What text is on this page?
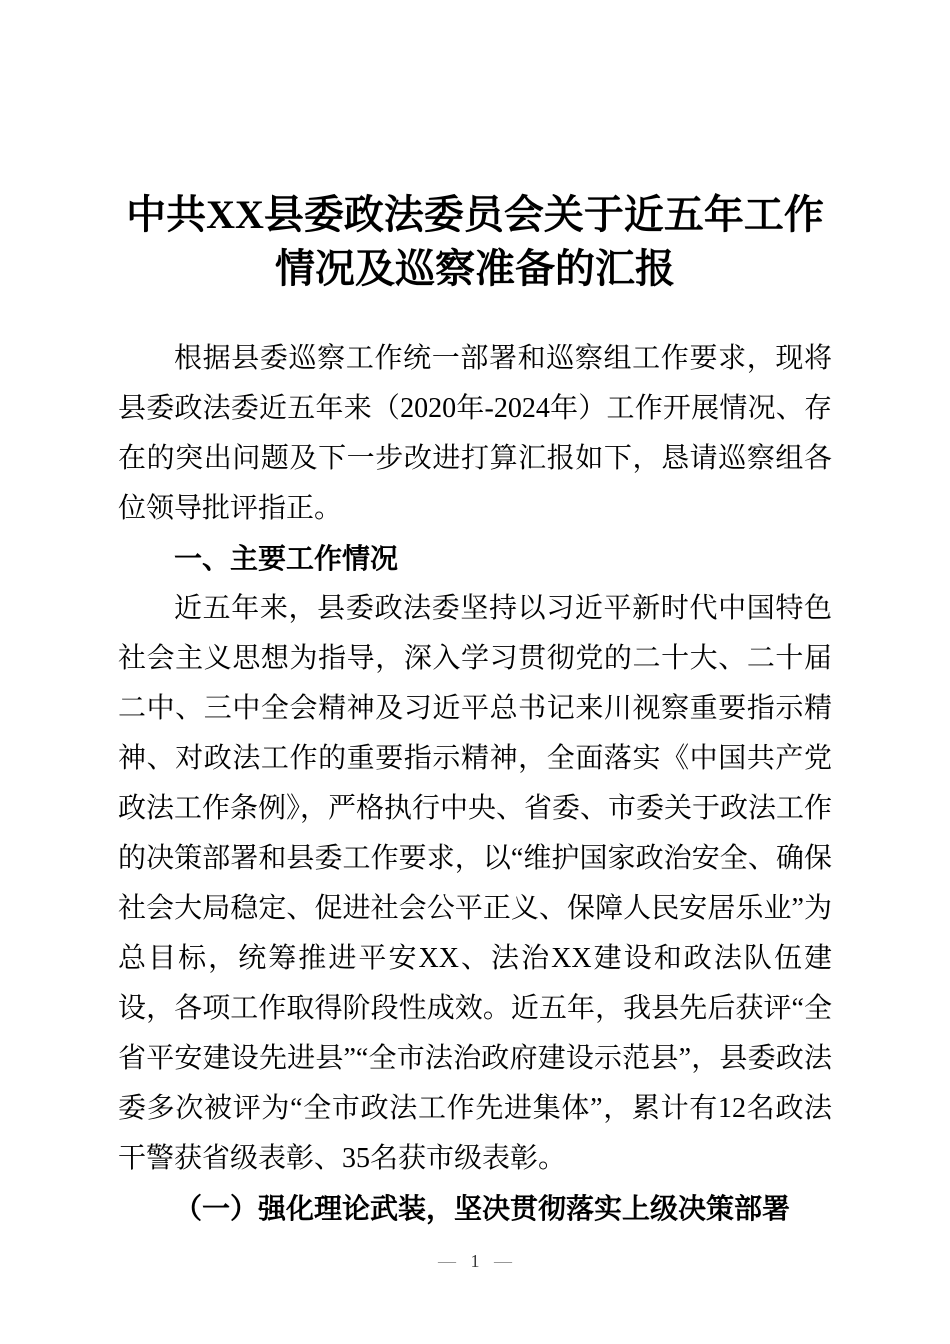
中共XX县委政法委员会关于近五年工作
情况及巡察准备的汇报

根据县委巡察工作统一部署和巡察组工作要求，现将县委政法委近五年来（2020年-2024年）工作开展情况、存在的突出问题及下一步改进打算汇报如下，恳请巡察组各位领导批评指正。

一、主要工作情况

近五年来，县委政法委坚持以习近平新时代中国特色社会主义思想为指导，深入学习贯彻党的二十大、二十届二中、三中全会精神及习近平总书记来川视察重要指示精神、对政法工作的重要指示精神，全面落实《中国共产党政法工作条例》，严格执行中央、省委、市委关于政法工作的决策部署和县委工作要求，以“维护国家政治安全、确保社会大局稳定、促进社会公平正义、保障人民安居乐业”为总目标，统筹推进平安XX、法治XX建设和政法队伍建设，各项工作取得阶段性成效。近五年，我县先后获评“全省平安建设先进县”“全市法治政府建设示范县”，县委政法委多次被评为“全市政法工作先进集体”，累计有12名政法干警获省级表彰、35名获市级表彰。

（一）强化理论武装，坚决贯彻落实上级决策部署
— 1 —
